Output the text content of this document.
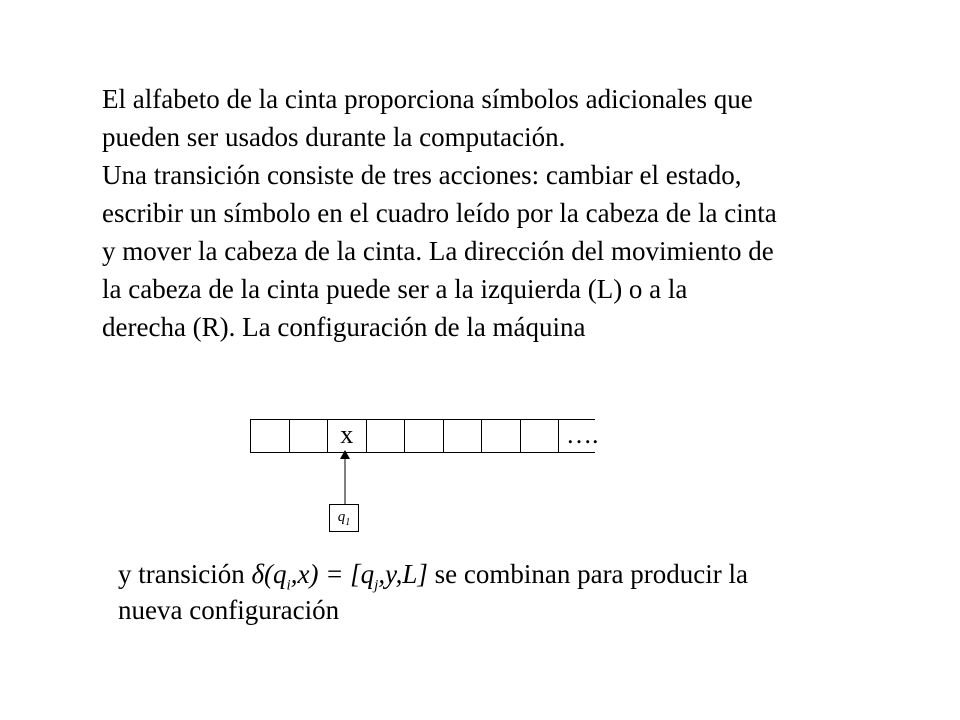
El alfabeto de la cinta proporciona símbolos adicionales que

pueden ser usados durante la computación.

Una transición consiste de tres acciones: cambiar el estado,

escribir un símbolo en el cuadro leído por la cabeza de la cinta

y mover la cabeza de la cinta. La dirección del movimiento de

la cabeza de la cinta puede ser a la izquierda (L) o a la

derecha (R). La configuración de la máquina

x	….
$q_1$
y transición $\delta(q_i,x) = [q_j,y,L]$ se combinan para producir la
nueva configuración
